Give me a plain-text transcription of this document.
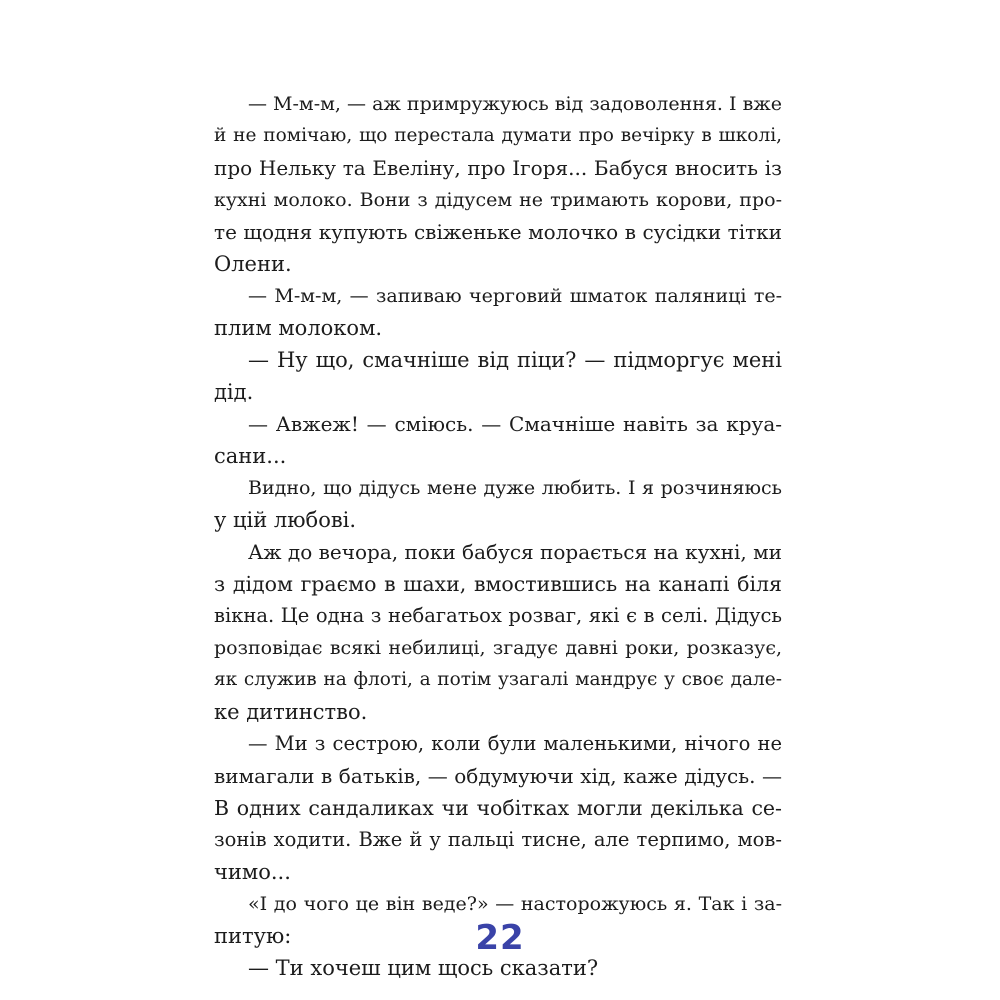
— М-м-м, — аж примружуюсь від задоволення. І вже
й не помічаю, що перестала думати про вечірку в школі,
про Нельку та Евеліну, про Ігоря... Бабуся вносить із
кухні молоко. Вони з дідусем не тримають корови, про-
те щодня купують свіженьке молочко в сусідки тітки
Олени.
— М-м-м, — запиваю черговий шматок паляниці те-
плим молоком.
— Ну що, смачніше від піци? — підморгує мені
дід.
— Авжеж! — сміюсь. — Смачніше навіть за круа-
сани...
Видно, що дідусь мене дуже любить. І я розчиняюсь
у цій любові.
Аж до вечора, поки бабуся порається на кухні, ми
з дідом граємо в шахи, вмостившись на канапі біля
вікна. Це одна з небагатьох розваг, які є в селі. Дідусь
розповідає всякі небилиці, згадує давні роки, розказує,
як служив на флоті, а потім узагалі мандрує у своє дале-
ке дитинство.
— Ми з сестрою, коли були маленькими, нічого не
вимагали в батьків, — обдумуючи хід, каже дідусь. —
В одних сандаликах чи чобітках могли декілька се-
зонів ходити. Вже й у пальці тисне, але терпимо, мов-
чимо...
«І до чого це він веде?» — насторожуюсь я. Так і за-
питую:
— Ти хочеш цим щось сказати?
22
